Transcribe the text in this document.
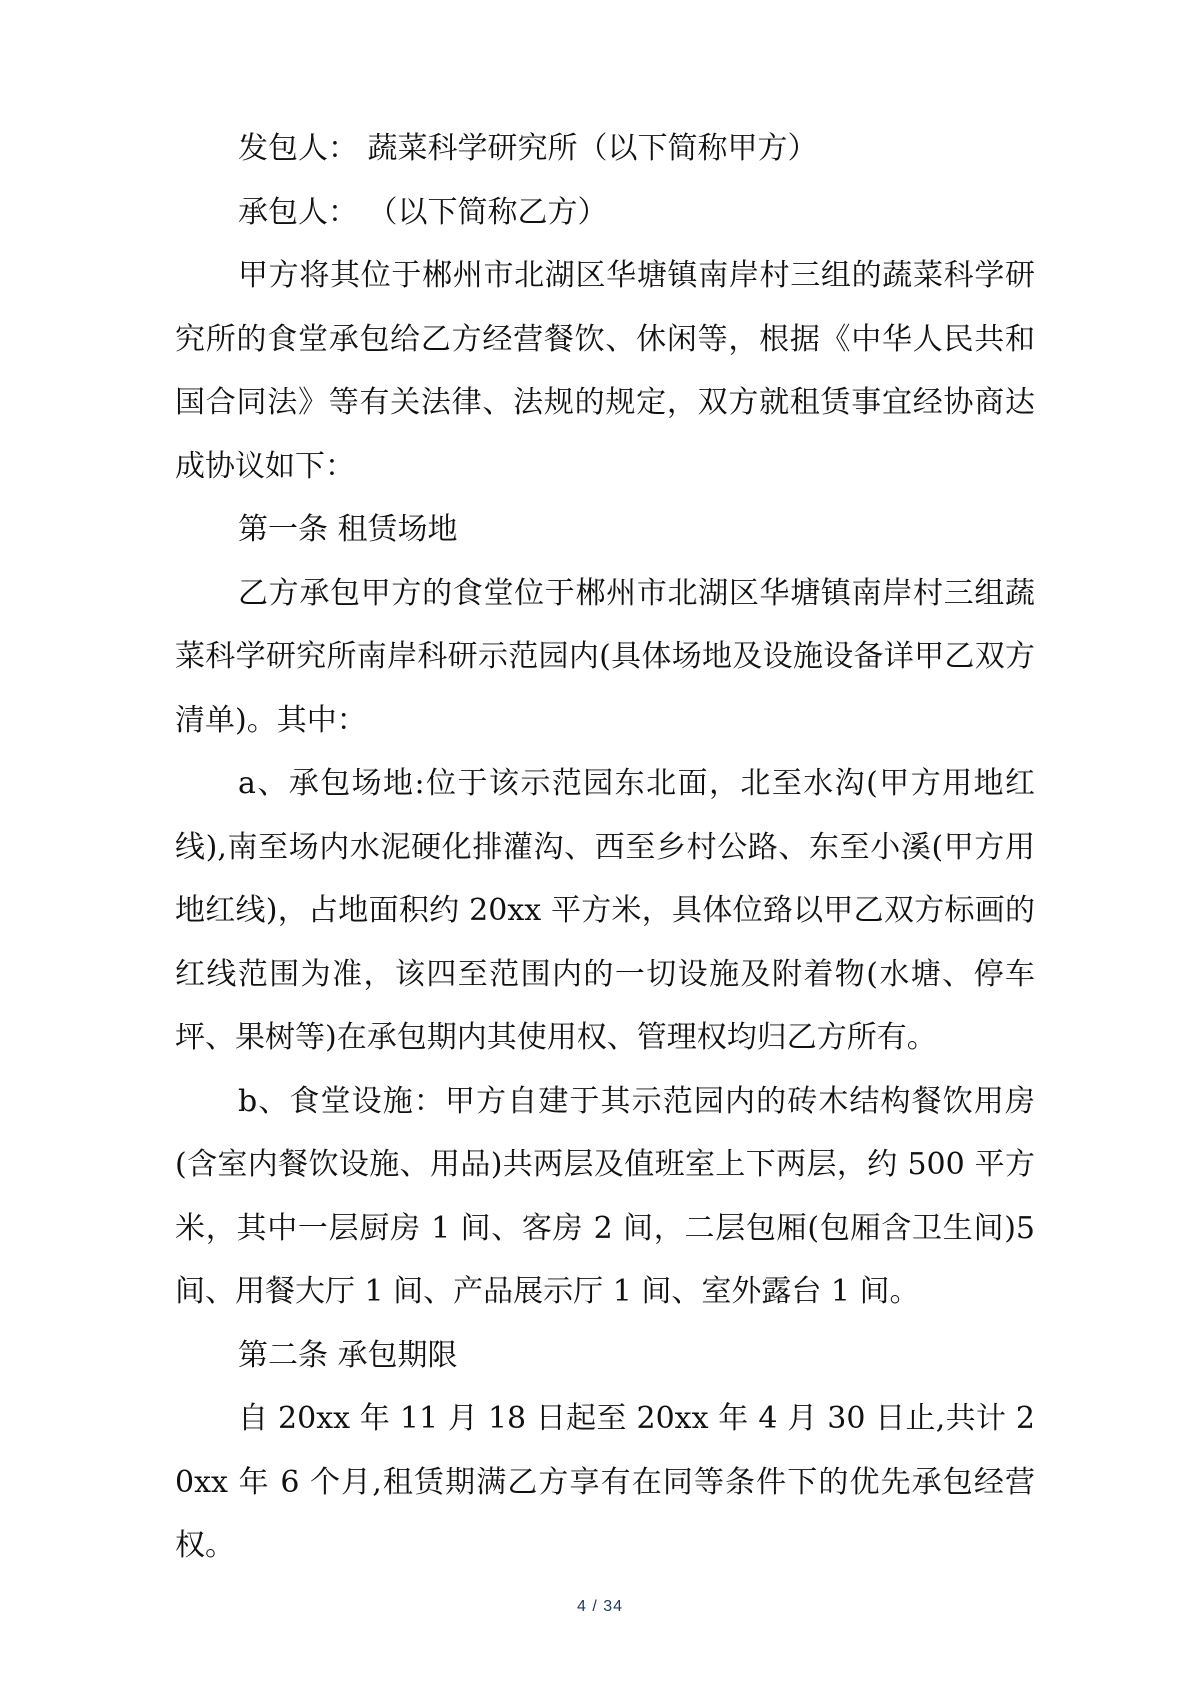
发包人： 蔬菜科学研究所（以下简称甲方）

承包人： （以下简称乙方）

甲方将其位于郴州市北湖区华塘镇南岸村三组的蔬菜科学研究所的食堂承包给乙方经营餐饮、休闲等，根据《中华人民共和国合同法》等有关法律、法规的规定，双方就租赁事宜经协商达成协议如下：

第一条 租赁场地

乙方承包甲方的食堂位于郴州市北湖区华塘镇南岸村三组蔬菜科学研究所南岸科研示范园内(具体场地及设施设备详甲乙双方清单)。其中：

a、承包场地:位于该示范园东北面，北至水沟(甲方用地红线),南至场内水泥硬化排灌沟、西至乡村公路、东至小溪(甲方用地红线)，占地面积约 20xx 平方米，具体位臵以甲乙双方标画的红线范围为准，该四至范围内的一切设施及附着物(水塘、停车坪、果树等)在承包期内其使用权、管理权均归乙方所有。

b、食堂设施：甲方自建于其示范园内的砖木结构餐饮用房(含室内餐饮设施、用品)共两层及值班室上下两层，约 500 平方米，其中一层厨房 1 间、客房 2 间，二层包厢(包厢含卫生间)5 间、用餐大厅 1 间、产品展示厅 1 间、室外露台 1 间。

第二条 承包期限

自 20xx 年 11 月 18 日起至 20xx 年 4 月 30 日止,共计 20xx 年 6 个月,租赁期满乙方享有在同等条件下的优先承包经营权。

4 / 34
